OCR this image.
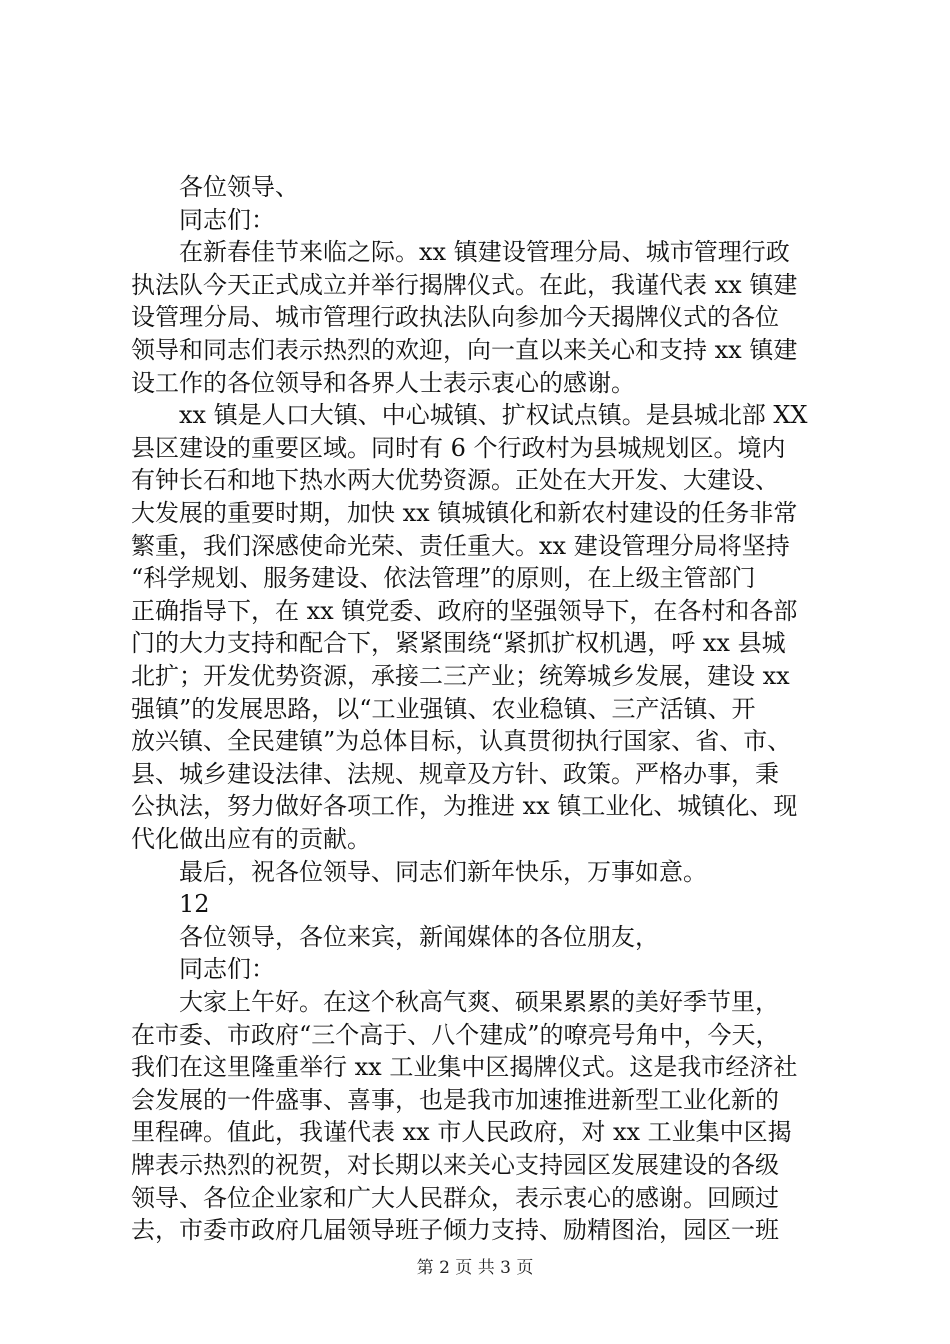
各位领导、
同志们：
在新春佳节来临之际。xx 镇建设管理分局、城市管理行政
执法队今天正式成立并举行揭牌仪式。在此，我谨代表 xx 镇建
设管理分局、城市管理行政执法队向参加今天揭牌仪式的各位
领导和同志们表示热烈的欢迎，向一直以来关心和支持 xx 镇建
设工作的各位领导和各界人士表示衷心的感谢。
xx 镇是人口大镇、中心城镇、扩权试点镇。是县城北部 XX
县区建设的重要区域。同时有 6 个行政村为县城规划区。境内
有钟长石和地下热水两大优势资源。正处在大开发、大建设、
大发展的重要时期，加快 xx 镇城镇化和新农村建设的任务非常
繁重，我们深感使命光荣、责任重大。xx 建设管理分局将坚持
“科学规划、服务建设、依法管理”的原则，在上级主管部门
正确指导下，在 xx 镇党委、政府的坚强领导下，在各村和各部
门的大力支持和配合下，紧紧围绕“紧抓扩权机遇，呼 xx 县城
北扩；开发优势资源，承接二三产业；统筹城乡发展，建设 xx
强镇”的发展思路，以“工业强镇、农业稳镇、三产活镇、开
放兴镇、全民建镇”为总体目标，认真贯彻执行国家、省、市、
县、城乡建设法律、法规、规章及方针、政策。严格办事，秉
公执法，努力做好各项工作，为推进 xx 镇工业化、城镇化、现
代化做出应有的贡献。
最后，祝各位领导、同志们新年快乐，万事如意。
12
各位领导，各位来宾，新闻媒体的各位朋友，
同志们：
大家上午好。在这个秋高气爽、硕果累累的美好季节里，
在市委、市政府“三个高于、八个建成”的嘹亮号角中，今天，
我们在这里隆重举行 xx 工业集中区揭牌仪式。这是我市经济社
会发展的一件盛事、喜事，也是我市加速推进新型工业化新的
里程碑。值此，我谨代表 xx 市人民政府，对 xx 工业集中区揭
牌表示热烈的祝贺，对长期以来关心支持园区发展建设的各级
领导、各位企业家和广大人民群众，表示衷心的感谢。回顾过
去，市委市政府几届领导班子倾力支持、励精图治，园区一班
第 2 页 共 3 页
